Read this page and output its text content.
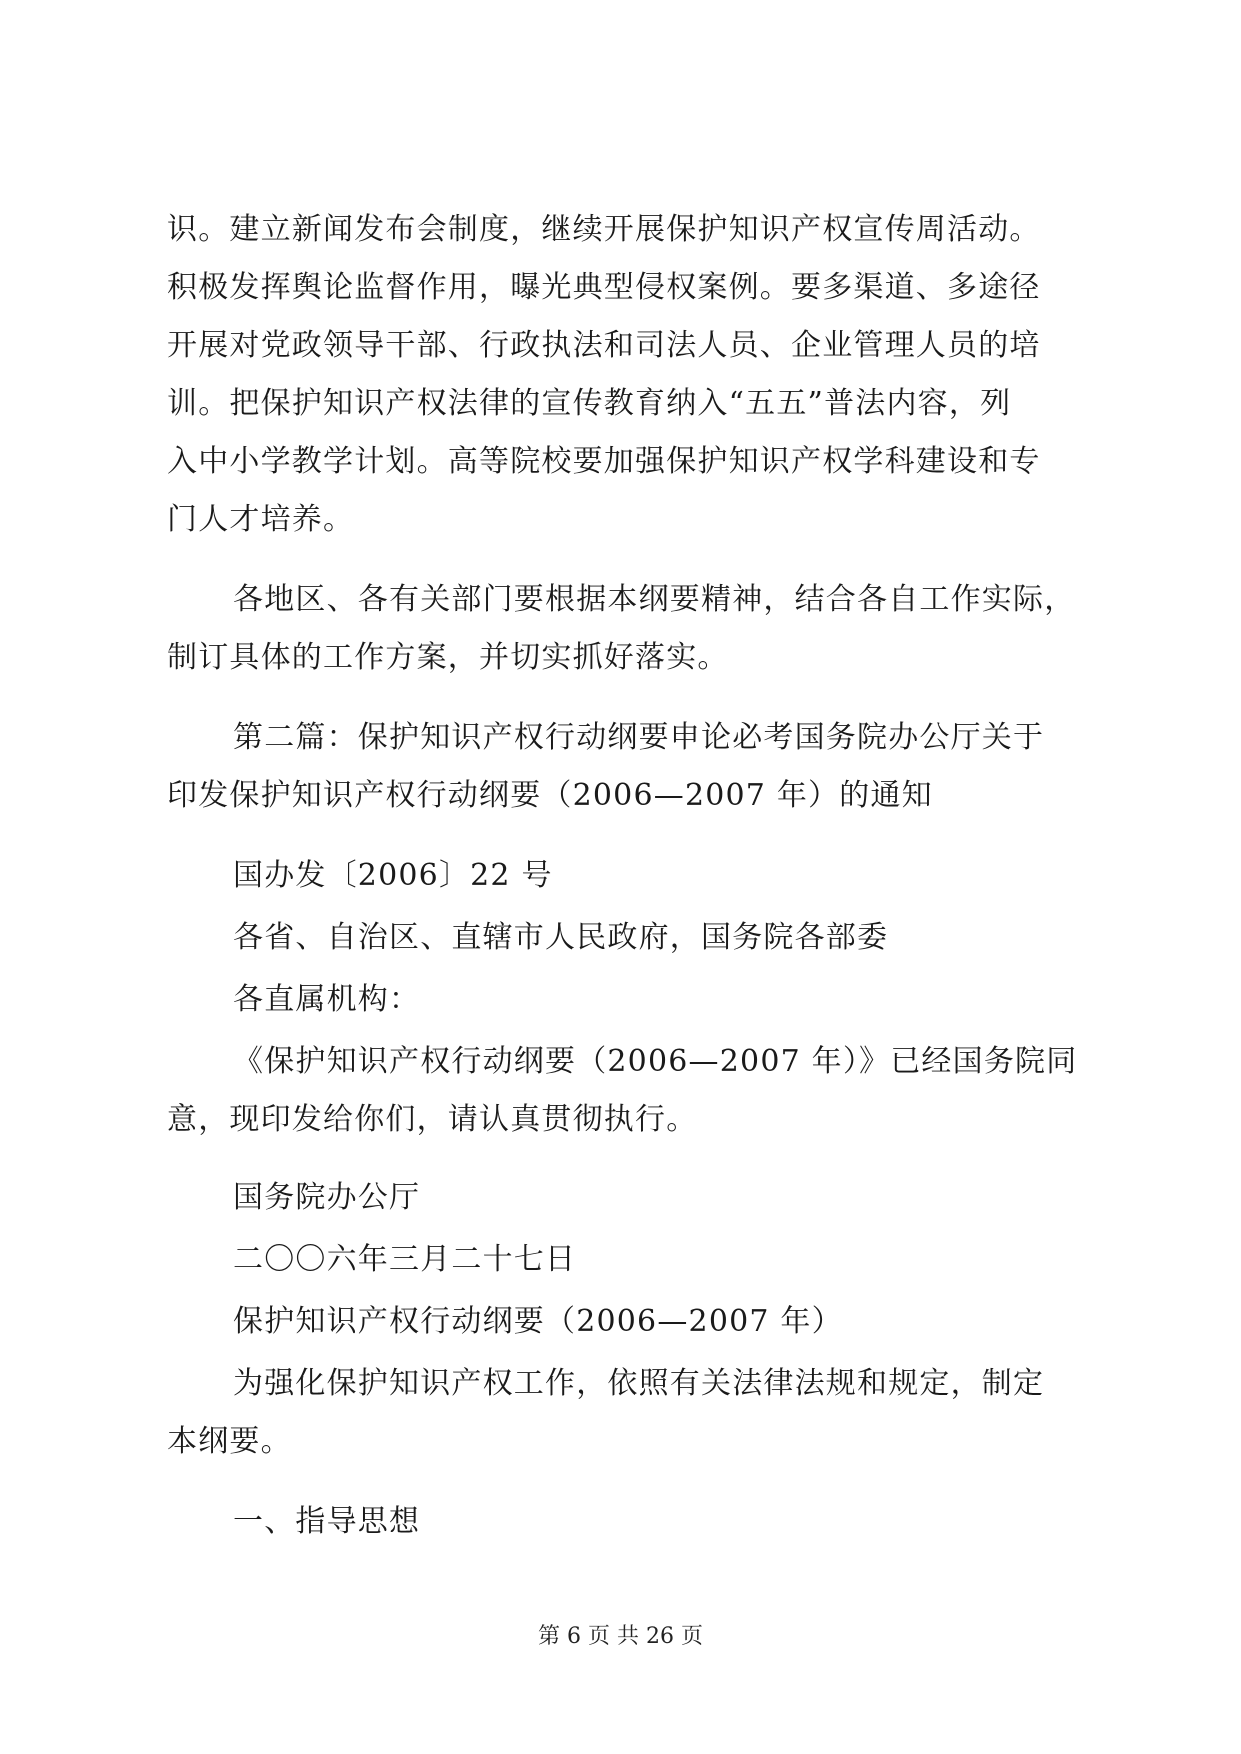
识。建立新闻发布会制度，继续开展保护知识产权宣传周活动。

积极发挥舆论监督作用，曝光典型侵权案例。要多渠道、多途径

开展对党政领导干部、行政执法和司法人员、企业管理人员的培

训。把保护知识产权法律的宣传教育纳入“五五”普法内容，列

入中小学教学计划。高等院校要加强保护知识产权学科建设和专

门人才培养。

各地区、各有关部门要根据本纲要精神，结合各自工作实际，

制订具体的工作方案，并切实抓好落实。

第二篇：保护知识产权行动纲要申论必考国务院办公厅关于

印发保护知识产权行动纲要（2006—2007 年）的通知

国办发〔2006〕22 号

各省、自治区、直辖市人民政府，国务院各部委

各直属机构：

《保护知识产权行动纲要（2006—2007 年）》已经国务院同

意，现印发给你们，请认真贯彻执行。

国务院办公厅

二〇〇六年三月二十七日

保护知识产权行动纲要（2006—2007 年）

为强化保护知识产权工作，依照有关法律法规和规定，制定

本纲要。

一、指导思想

第 6 页 共 26 页
